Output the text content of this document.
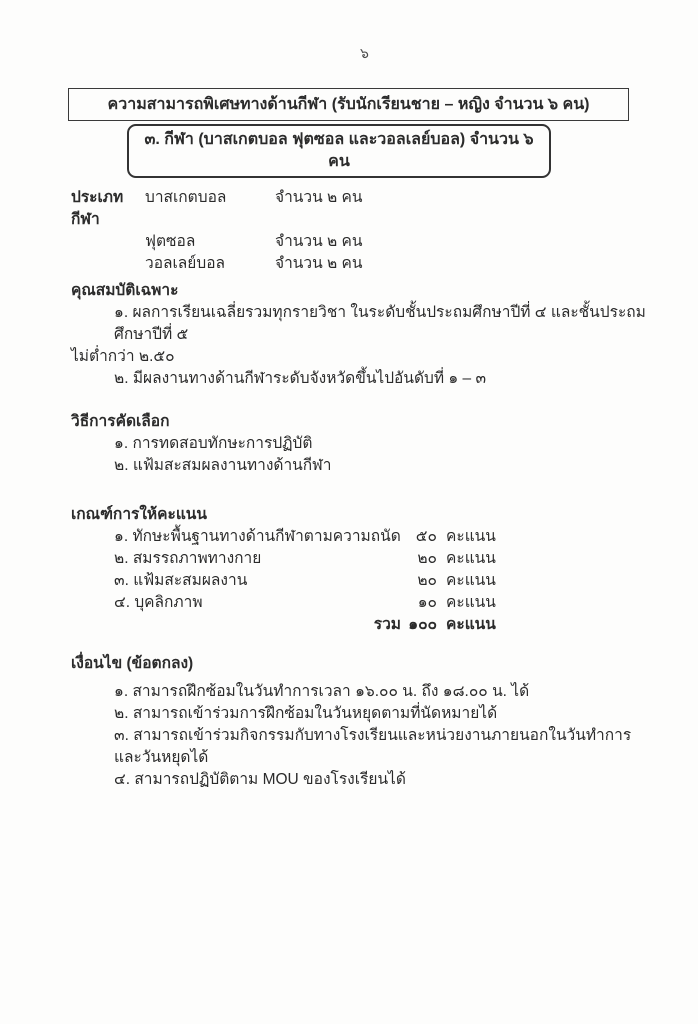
๖
ความสามารถพิเศษทางด้านกีฬา (รับนักเรียนชาย – หญิง จำนวน ๖ คน)
๓. กีฬา (บาสเกตบอล ฟุตซอล และวอลเลย์บอล) จำนวน ๖ คน
ประเภทกีฬา
บาสเกตบอล	จำนวน ๒ คน
ฟุตซอล	จำนวน ๒ คน
วอลเลย์บอล	จำนวน ๒ คน
คุณสมบัติเฉพาะ
๑. ผลการเรียนเฉลี่ยรวมทุกรายวิชา ในระดับชั้นประถมศึกษาปีที่ ๔ และชั้นประถมศึกษาปีที่ ๕
ไม่ต่ำกว่า ๒.๕๐
๒. มีผลงานทางด้านกีฬาระดับจังหวัดขึ้นไปอันดับที่ ๑ – ๓
วิธีการคัดเลือก
๑. การทดสอบทักษะการปฏิบัติ
๒. แฟ้มสะสมผลงานทางด้านกีฬา
เกณฑ์การให้คะแนน
๑. ทักษะพื้นฐานทางด้านกีฬาตามความถนัด ๕๐ คะแนน
๒. สมรรถภาพทางกาย	๒๐ คะแนน
๓. แฟ้มสะสมผลงาน	๒๐ คะแนน
๔. บุคลิกภาพ	๑๐ คะแนน
รวม ๑๐๐ คะแนน
เงื่อนไข (ข้อตกลง)
๑. สามารถฝึกซ้อมในวันทำการเวลา ๑๖.๐๐ น. ถึง ๑๘.๐๐ น. ได้
๒. สามารถเข้าร่วมการฝึกซ้อมในวันหยุดตามที่นัดหมายได้
๓. สามารถเข้าร่วมกิจกรรมกับทางโรงเรียนและหน่วยงานภายนอกในวันทำการและวันหยุดได้
๔. สามารถปฏิบัติตาม MOU ของโรงเรียนได้
